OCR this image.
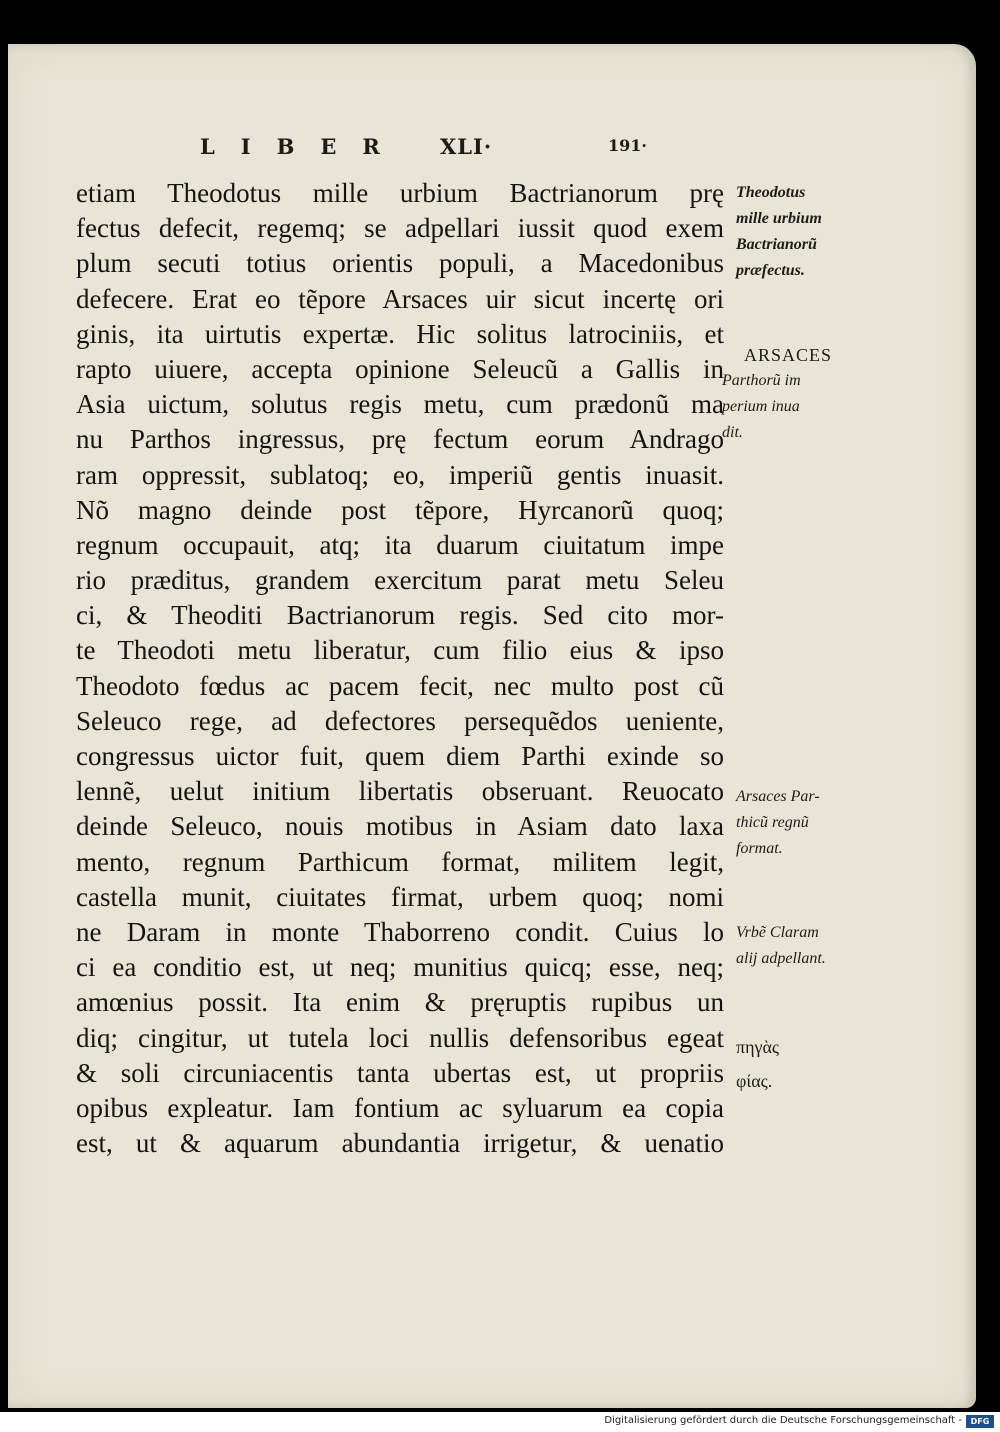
LIBER XLI·	191·
etiam Theodotus mille urbium Bactrianorum prę
fectus defecit, regemq; se adpellari iussit quod exem
plum secuti totius orientis populi, a Macedonibus
defecere. Erat eo tẽpore Arsaces uir sicut incertę ori
ginis, ita uirtutis expertæ. Hic solitus latrociniis, et
rapto uiuere, accepta opinione Seleucũ a Gallis in
Asia uictum, solutus regis metu, cum prædonũ ma
nu Parthos ingressus, prę fectum eorum Andrago
ram oppressit, sublatoq; eo, imperiũ gentis inuasit.
Nõ magno deinde post tẽpore, Hyrcanorũ quoq;
regnum occupauit, atq; ita duarum ciuitatum impe
rio præditus, grandem exercitum parat metu Seleu
ci, & Theoditi Bactrianorum regis. Sed cito mor-
te Theodoti metu liberatur, cum filio eius & ipso
Theodoto fœdus ac pacem fecit, nec multo post cũ
Seleuco rege, ad defectores persequẽdos ueniente,
congressus uictor fuit, quem diem Parthi exinde so
lennẽ, uelut initium libertatis obseruant. Reuocato
deinde Seleuco, nouis motibus in Asiam dato laxa
mento, regnum Parthicum format, militem legit,
castella munit, ciuitates firmat, urbem quoq; nomi
ne Daram in monte Thaborreno condit. Cuius lo
ci ea conditio est, ut neq; munitius quicq; esse, neq;
amœnius possit. Ita enim & pręruptis rupibus un
diq; cingitur, ut tutela loci nullis defensoribus egeat
& soli circuniacentis tanta ubertas est, ut propriis
opibus expleatur. Iam fontium ac syluarum ea copia
est, ut & aquarum abundantia irrigetur, & uenatio
Theodotus
mille urbium
Bactrianorũ
præfectus.
ARSACES
Parthorũ im
perium inua
dit.
Arsaces Par-
thicũ regnũ
format.
Vrbẽ Claram
alij adpellant.
πηγὰς
φίας.
Digitalisierung gefördert durch die Deutsche Forschungsgemeinschaft -	DFG
